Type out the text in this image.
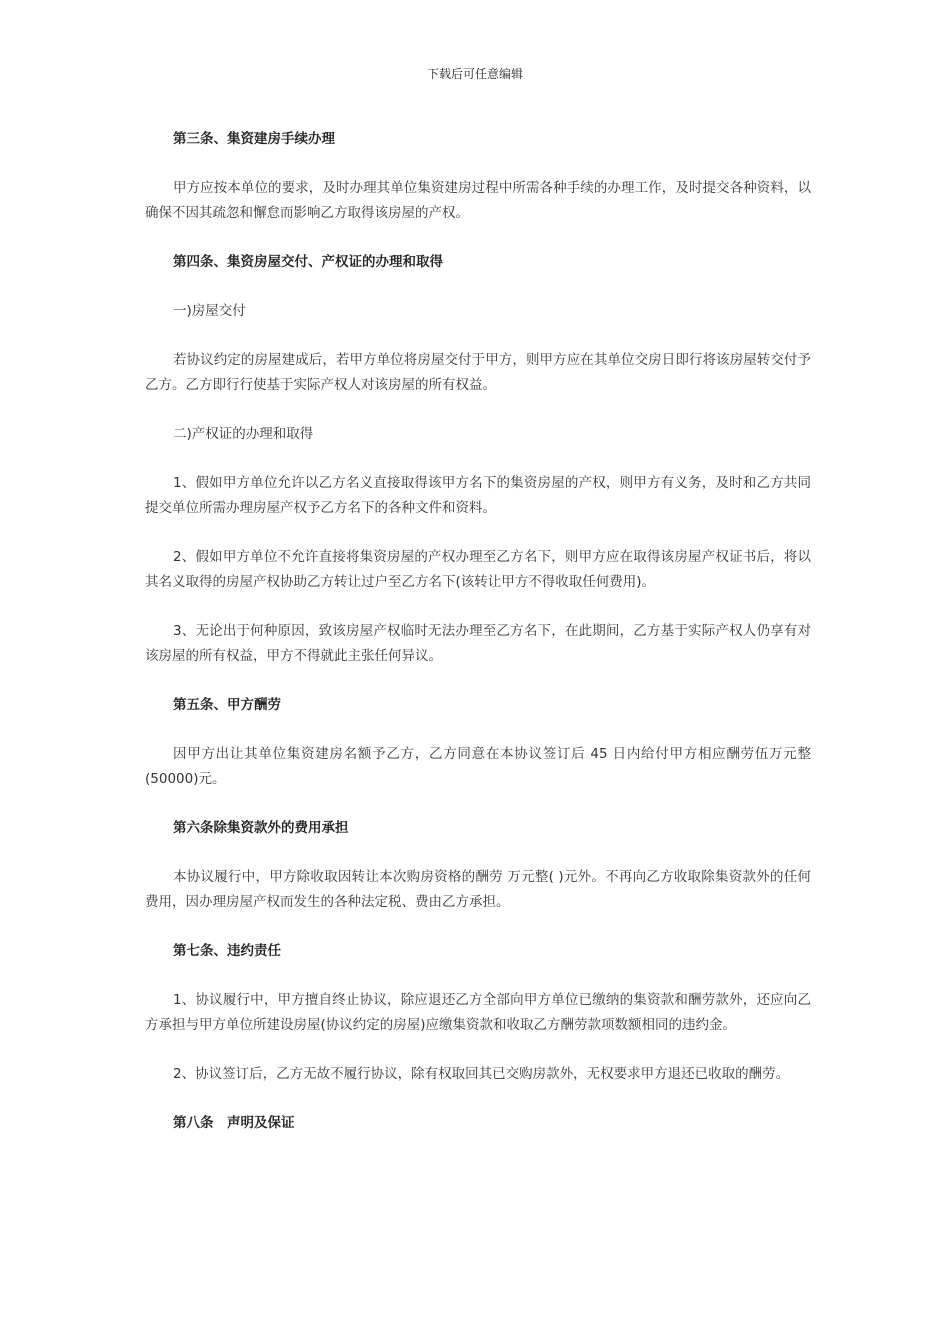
下载后可任意编辑

第三条、集资建房手续办理

甲方应按本单位的要求，及时办理其单位集资建房过程中所需各种手续的办理工作，及时提交各种资料，以确保不因其疏忽和懈怠而影响乙方取得该房屋的产权。

第四条、集资房屋交付、产权证的办理和取得

一)房屋交付

若协议约定的房屋建成后，若甲方单位将房屋交付于甲方，则甲方应在其单位交房日即行将该房屋转交付予乙方。乙方即行行使基于实际产权人对该房屋的所有权益。

二)产权证的办理和取得

1、假如甲方单位允许以乙方名义直接取得该甲方名下的集资房屋的产权，则甲方有义务，及时和乙方共同提交单位所需办理房屋产权予乙方名下的各种文件和资料。

2、假如甲方单位不允许直接将集资房屋的产权办理至乙方名下，则甲方应在取得该房屋产权证书后，将以其名义取得的房屋产权协助乙方转让过户至乙方名下(该转让甲方不得收取任何费用)。

3、无论出于何种原因，致该房屋产权临时无法办理至乙方名下，在此期间，乙方基于实际产权人仍享有对该房屋的所有权益，甲方不得就此主张任何异议。

第五条、甲方酬劳

因甲方出让其单位集资建房名额予乙方，乙方同意在本协议签订后 45 日内给付甲方相应酬劳伍万元整(50000)元。

第六条除集资款外的费用承担

本协议履行中，甲方除收取因转让本次购房资格的酬劳 万元整( )元外。不再向乙方收取除集资款外的任何费用，因办理房屋产权而发生的各种法定税、费由乙方承担。

第七条、违约责任

1、协议履行中，甲方擅自终止协议，除应退还乙方全部向甲方单位已缴纳的集资款和酬劳款外，还应向乙方承担与甲方单位所建设房屋(协议约定的房屋)应缴集资款和收取乙方酬劳款项数额相同的违约金。

2、协议签订后，乙方无故不履行协议，除有权取回其已交购房款外，无权要求甲方退还已收取的酬劳。

第八条　声明及保证
